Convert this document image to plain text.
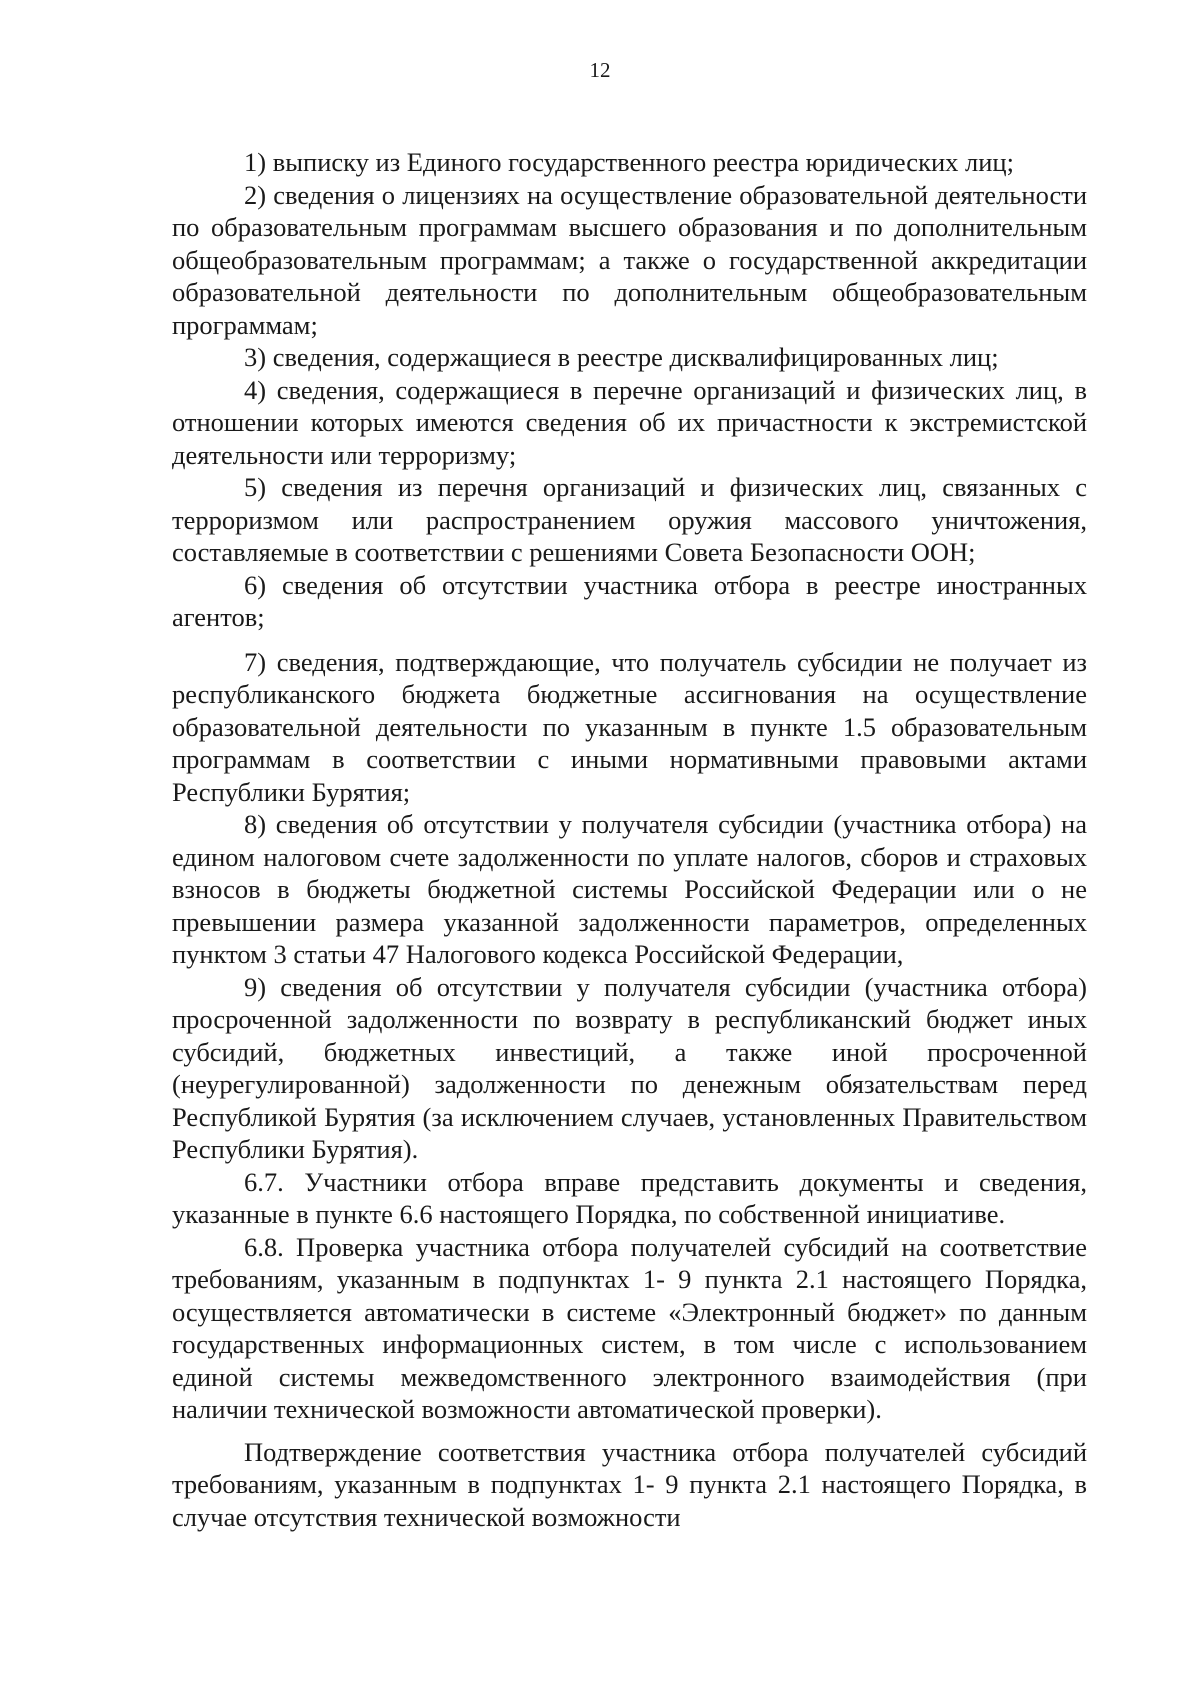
12

1) выписку из Единого государственного реестра юридических лиц;

2) сведения о лицензиях на осуществление образовательной деятельности по образовательным программам высшего образования и по дополнительным общеобразовательным программам; а также о государственной аккредитации образовательной деятельности по дополнительным общеобразовательным программам;

3) сведения, содержащиеся в реестре дисквалифицированных лиц;

4) сведения, содержащиеся в перечне организаций и физических лиц, в отношении которых имеются сведения об их причастности к экстремистской деятельности или терроризму;

5) сведения из перечня организаций и физических лиц, связанных с терроризмом или распространением оружия массового уничтожения, составляемые в соответствии с решениями Совета Безопасности ООН;

6) сведения об отсутствии участника отбора в реестре иностранных агентов;

7) сведения, подтверждающие, что получатель субсидии не получает из республиканского бюджета бюджетные ассигнования на осуществление образовательной деятельности по указанным в пункте 1.5 образовательным программам в соответствии с иными нормативными правовыми актами Республики Бурятия;

8) сведения об отсутствии у получателя субсидии (участника отбора) на едином налоговом счете задолженности по уплате налогов, сборов и страховых взносов в бюджеты бюджетной системы Российской Федерации или о не превышении размера указанной задолженности параметров, определенных пунктом 3 статьи 47 Налогового кодекса Российской Федерации,

9) сведения об отсутствии у получателя субсидии (участника отбора) просроченной задолженности по возврату в республиканский бюджет иных субсидий, бюджетных инвестиций, а также иной просроченной (неурегулированной) задолженности по денежным обязательствам перед Республикой Бурятия (за исключением случаев, установленных Правительством Республики Бурятия).

6.7. Участники отбора вправе представить документы и сведения, указанные в пункте 6.6 настоящего Порядка, по собственной инициативе.

6.8. Проверка участника отбора получателей субсидий на соответствие требованиям, указанным в подпунктах 1- 9 пункта 2.1 настоящего Порядка, осуществляется автоматически в системе «Электронный бюджет» по данным государственных информационных систем, в том числе с использованием единой системы межведомственного электронного взаимодействия (при наличии технической возможности автоматической проверки).

Подтверждение соответствия участника отбора получателей субсидий требованиям, указанным в подпунктах 1- 9 пункта 2.1 настоящего Порядка, в случае отсутствия технической возможности
